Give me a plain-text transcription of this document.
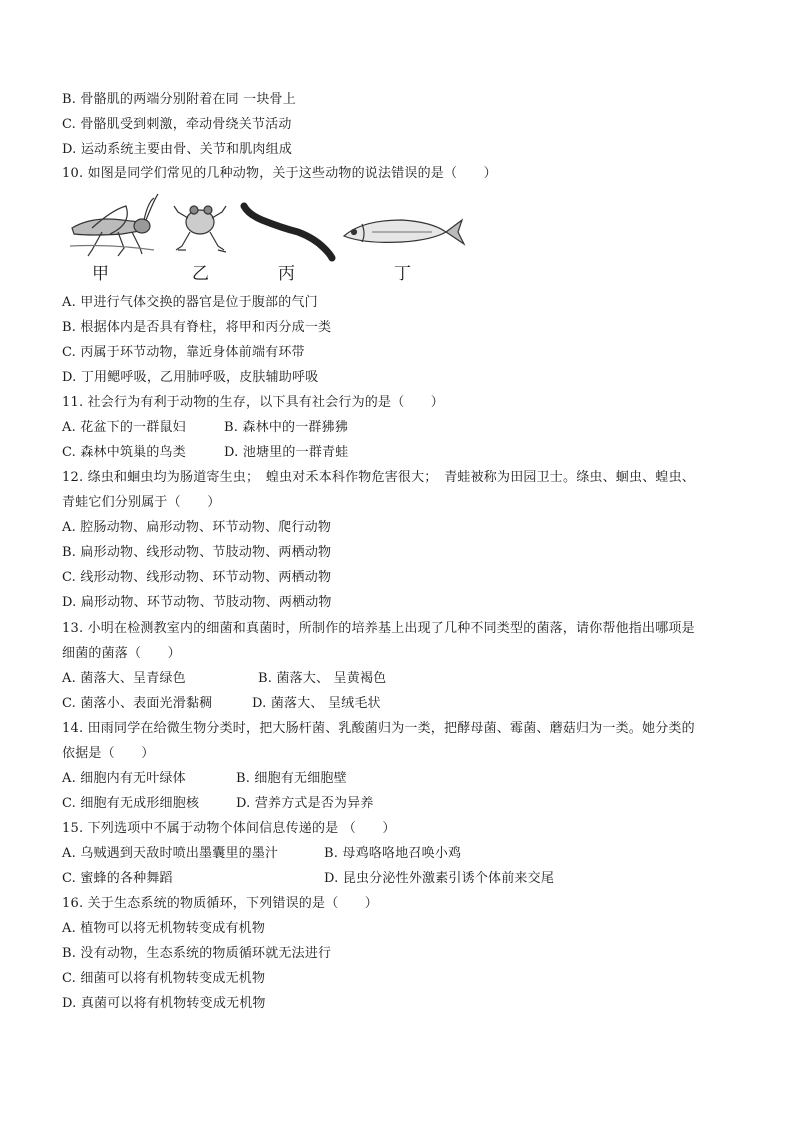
B. 骨骼肌的两端分别附着在同 一块骨上
C. 骨骼肌受到刺激，牵动骨绕关节活动
D. 运动系统主要由骨、关节和肌肉组成
10. 如图是同学们常见的几种动物，关于这些动物的说法错误的是（　　）
甲	乙	丙	丁
A. 甲进行气体交换的器官是位于腹部的气门
B. 根据体内是否具有脊柱，将甲和丙分成一类
C. 丙属于环节动物，靠近身体前端有环带
D. 丁用鳃呼吸，乙用肺呼吸，皮肤辅助呼吸
11. 社会行为有利于动物的生存，以下具有社会行为的是（　　）
A. 花盆下的一群鼠妇	B. 森林中的一群狒狒
C. 森林中筑巢的鸟类	D. 池塘里的一群青蛙
12. 绦虫和蛔虫均为肠道寄生虫；　蝗虫对禾本科作物危害很大；　青蛙被称为田园卫士。绦虫、蛔虫、蝗虫、
青蛙它们分别属于（　　）
A. 腔肠动物、扁形动物、环节动物、爬行动物
B. 扁形动物、线形动物、节肢动物、两栖动物
C. 线形动物、线形动物、环节动物、两栖动物
D. 扁形动物、环节动物、节肢动物、两栖动物
13. 小明在检测教室内的细菌和真菌时，所制作的培养基上出现了几种不同类型的菌落，请你帮他指出哪项是
细菌的菌落（　　）
A. 菌落大、呈青绿色	B. 菌落大、 呈黄褐色
C. 菌落小、表面光滑黏稠	D. 菌落大、 呈绒毛状
14. 田雨同学在给微生物分类时，把大肠杆菌、乳酸菌归为一类，把酵母菌、霉菌、蘑菇归为一类。她分类的
依据是（　　）
A. 细胞内有无叶绿体	B. 细胞有无细胞壁
C. 细胞有无成形细胞核	D. 营养方式是否为异养
15. 下列选项中不属于动物个体间信息传递的是 （　　）
A. 乌贼遇到天敌时喷出墨囊里的墨汁	B. 母鸡咯咯地召唤小鸡
C. 蜜蜂的各种舞蹈	D. 昆虫分泌性外激素引诱个体前来交尾
16. 关于生态系统的物质循环，下列错误的是（　　）
A. 植物可以将无机物转变成有机物
B. 没有动物，生态系统的物质循环就无法进行
C. 细菌可以将有机物转变成无机物
D. 真菌可以将有机物转变成无机物
